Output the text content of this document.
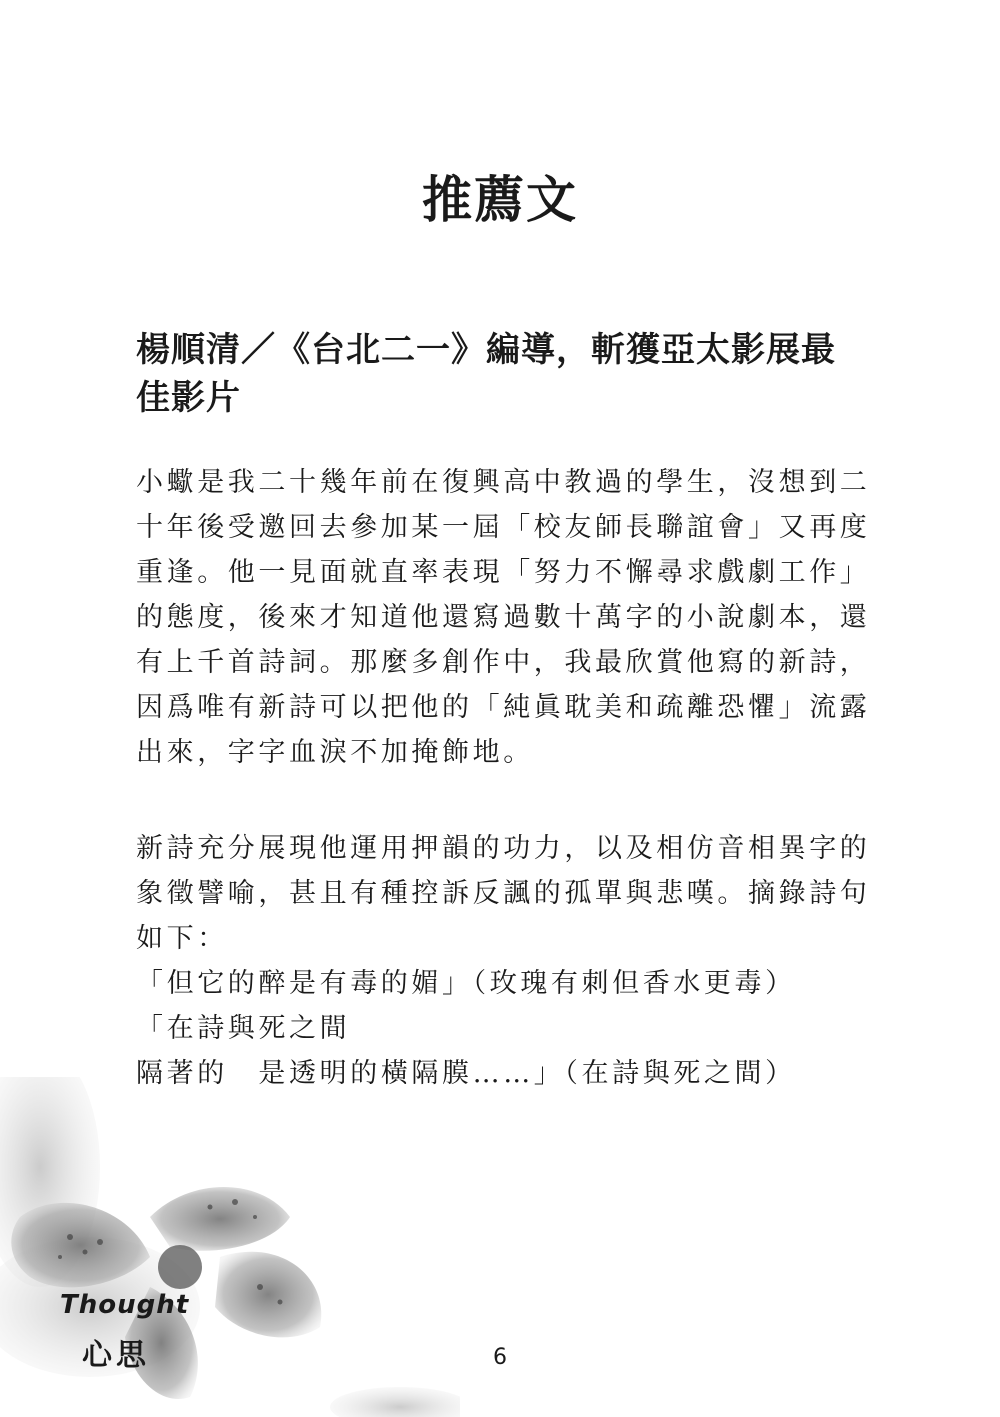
推薦文
楊順清／《台北二一》編導，斬獲亞太影展最
佳影片
小蠍是我二十幾年前在復興高中教過的學生，沒想到二
十年後受邀回去參加某一屆「校友師長聯誼會」又再度
重逢。他一見面就直率表現「努力不懈尋求戲劇工作」
的態度，後來才知道他還寫過數十萬字的小說劇本，還
有上千首詩詞。那麼多創作中，我最欣賞他寫的新詩，
因爲唯有新詩可以把他的「純眞耽美和疏離恐懼」流露
出來，字字血淚不加掩飾地。
新詩充分展現他運用押韻的功力，以及相仿音相異字的
象徵譬喻，甚且有種控訴反諷的孤單與悲嘆。摘錄詩句
如下：
「但它的醉是有毒的媚」（玫瑰有刺但香水更毒）
「在詩與死之間
隔著的　是透明的橫隔膜……」（在詩與死之間）
Thought
心思	6
